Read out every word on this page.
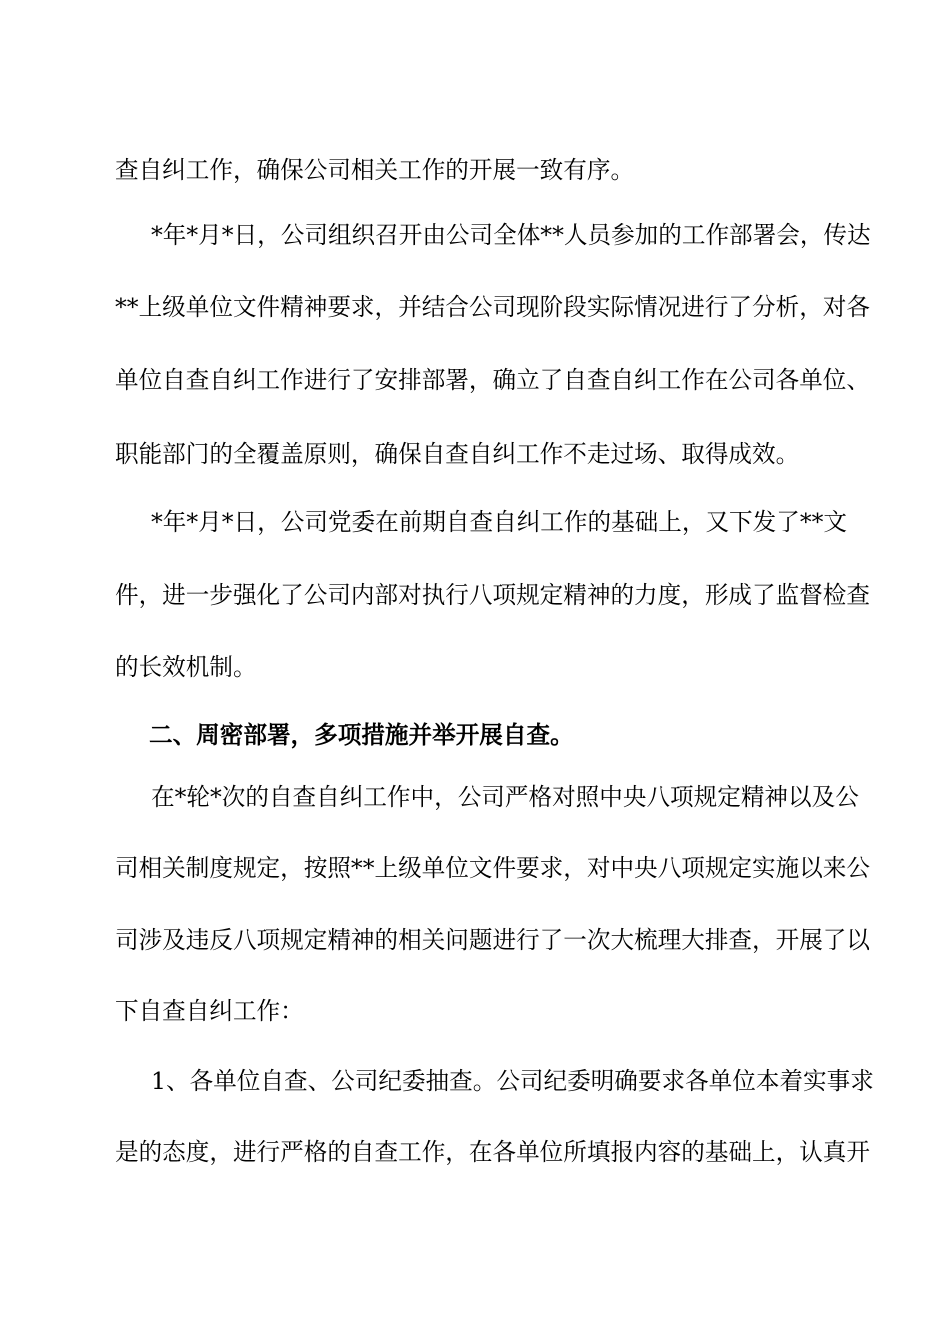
查自纠工作，确保公司相关工作的开展一致有序。
*年*月*日，公司组织召开由公司全体**人员参加的工作部署会，传达
**上级单位文件精神要求，并结合公司现阶段实际情况进行了分析，对各
单位自查自纠工作进行了安排部署，确立了自查自纠工作在公司各单位、
职能部门的全覆盖原则，确保自查自纠工作不走过场、取得成效。
*年*月*日，公司党委在前期自查自纠工作的基础上，又下发了**文
件，进一步强化了公司内部对执行八项规定精神的力度，形成了监督检查
的长效机制。
二、周密部署，多项措施并举开展自查。
在*轮*次的自查自纠工作中，公司严格对照中央八项规定精神以及公
司相关制度规定，按照**上级单位文件要求，对中央八项规定实施以来公
司涉及违反八项规定精神的相关问题进行了一次大梳理大排查，开展了以
下自查自纠工作：
1、各单位自查、公司纪委抽查。公司纪委明确要求各单位本着实事求
是的态度，进行严格的自查工作，在各单位所填报内容的基础上，认真开
